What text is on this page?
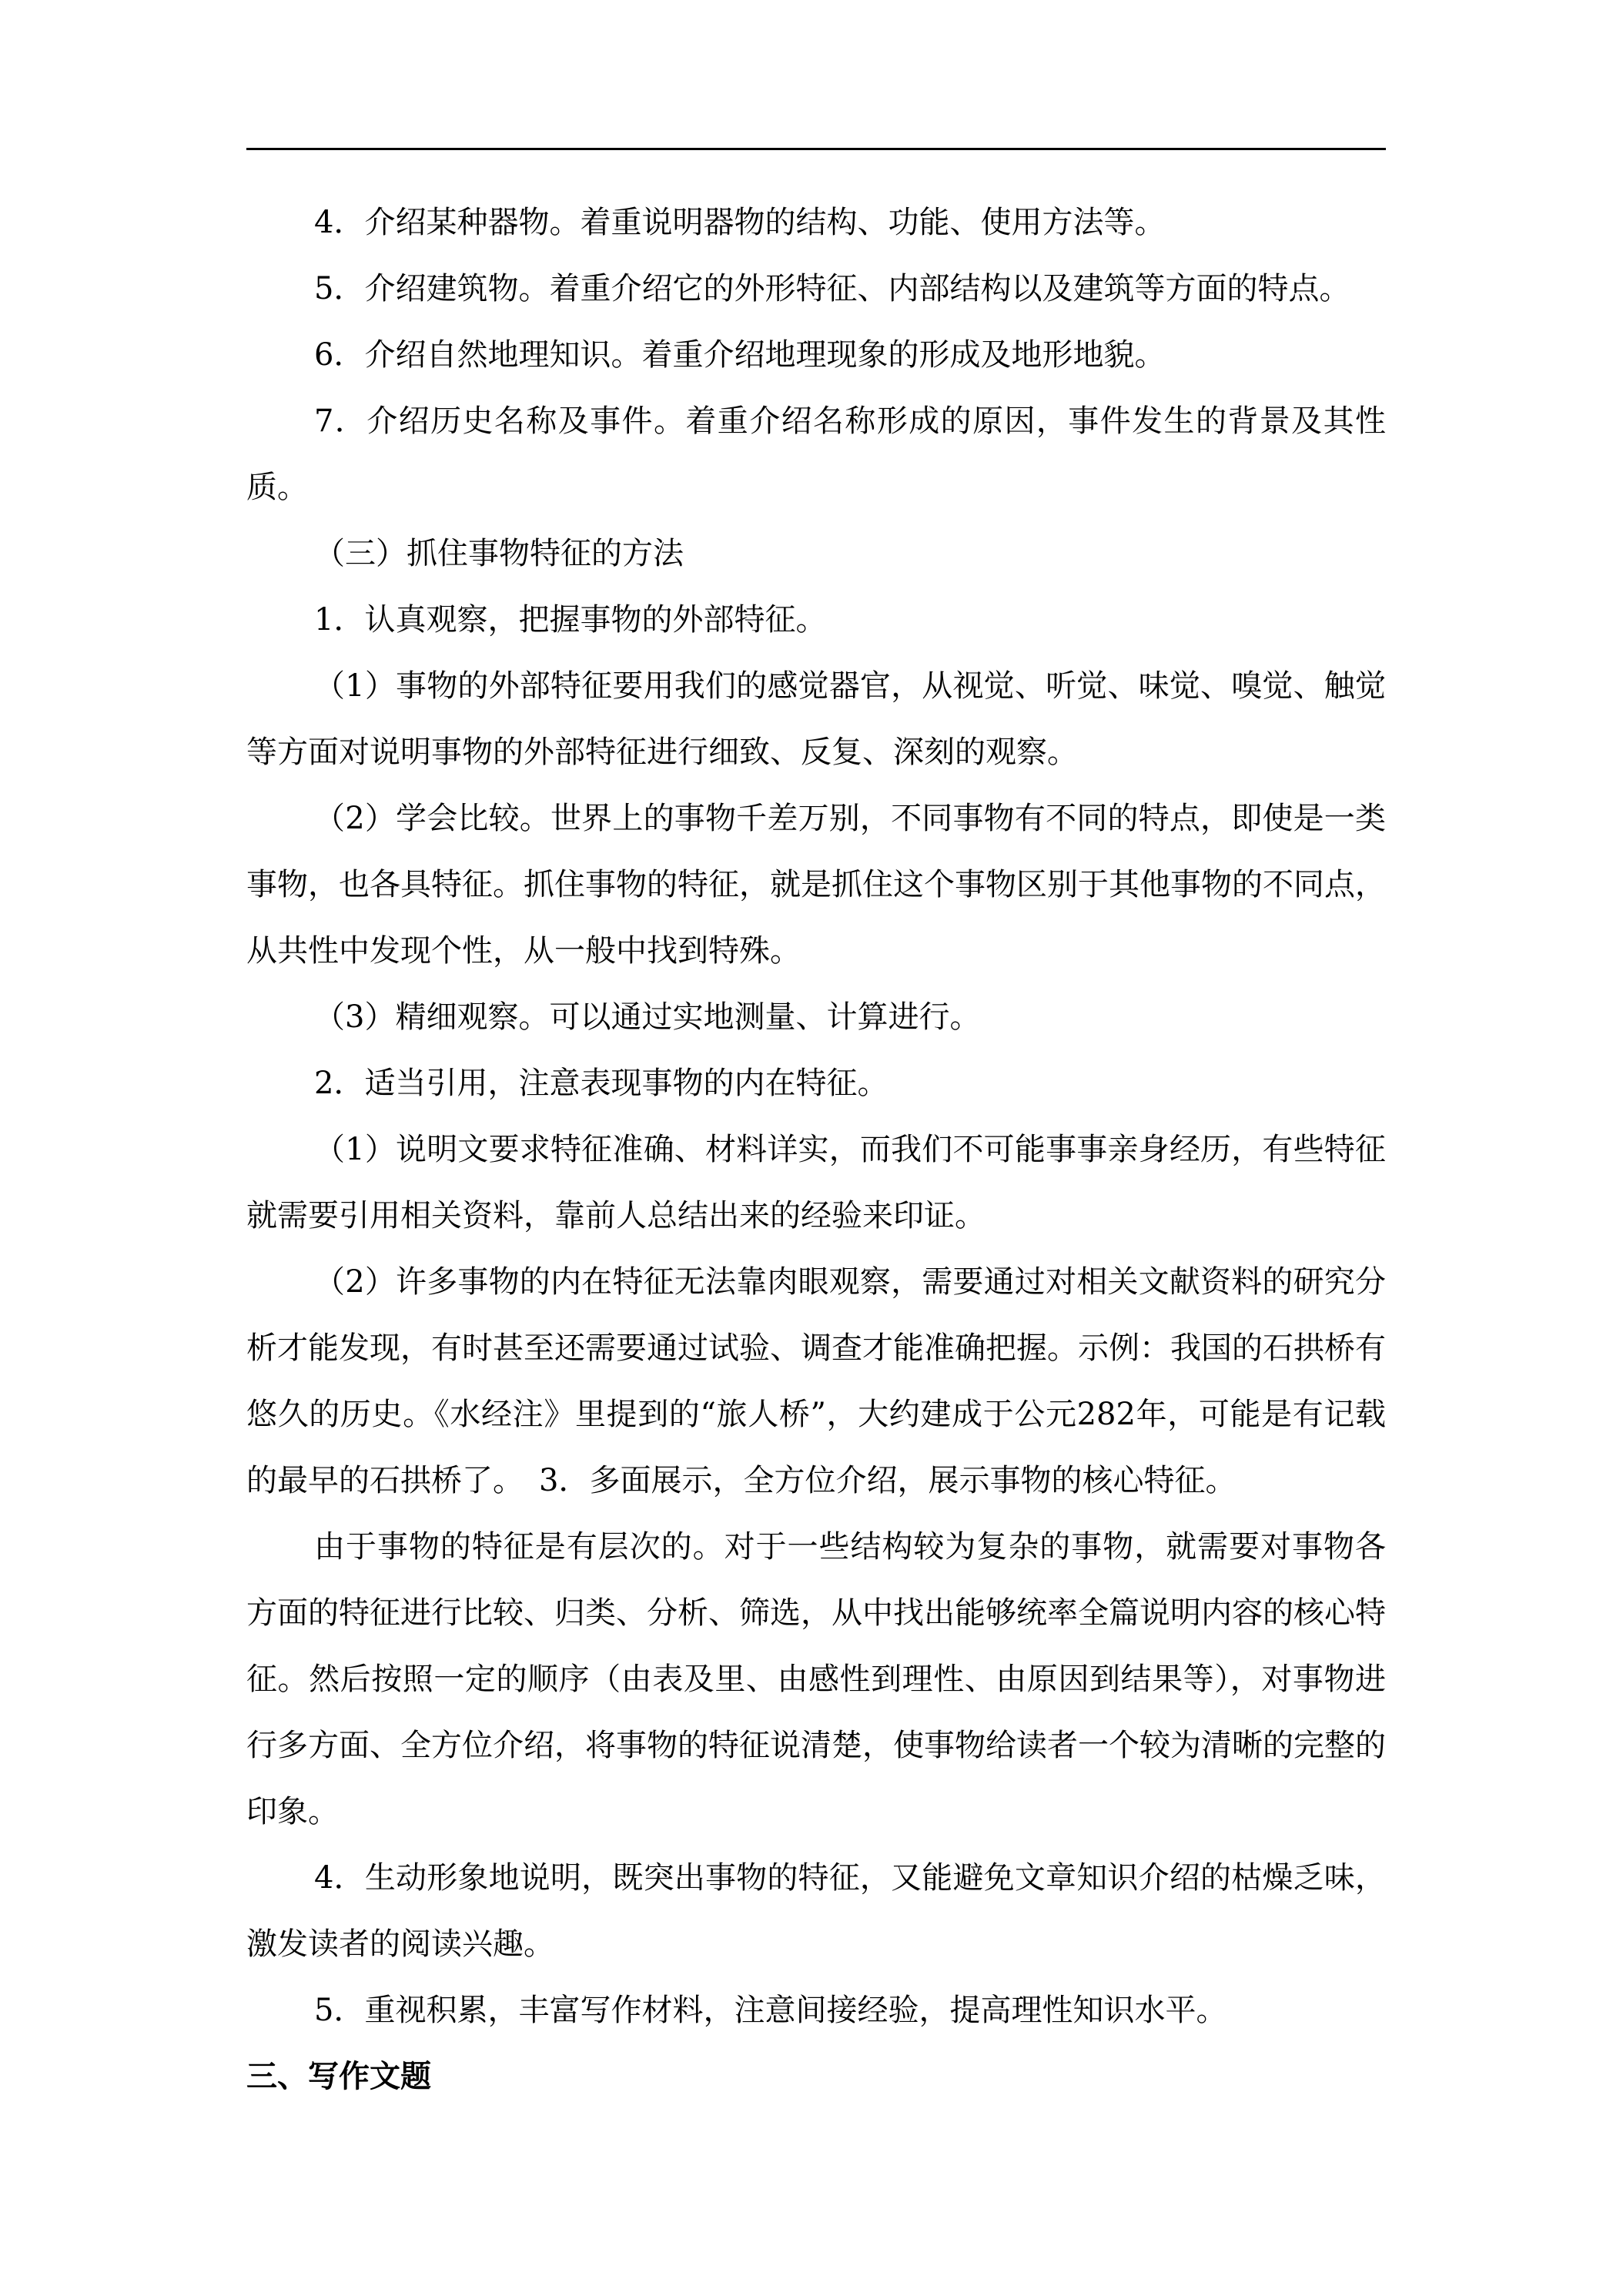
4．介绍某种器物。着重说明器物的结构、功能、使用方法等。

5．介绍建筑物。着重介绍它的外形特征、内部结构以及建筑等方面的特点。

6．介绍自然地理知识。着重介绍地理现象的形成及地形地貌。

7．介绍历史名称及事件。着重介绍名称形成的原因，事件发生的背景及其性质。

（三）抓住事物特征的方法

1．认真观察，把握事物的外部特征。

（1）事物的外部特征要用我们的感觉器官，从视觉、听觉、味觉、嗅觉、触觉等方面对说明事物的外部特征进行细致、反复、深刻的观察。

（2）学会比较。世界上的事物千差万别，不同事物有不同的特点，即使是一类事物，也各具特征。抓住事物的特征，就是抓住这个事物区别于其他事物的不同点，从共性中发现个性，从一般中找到特殊。

（3）精细观察。可以通过实地测量、计算进行。

2．适当引用，注意表现事物的内在特征。

（1）说明文要求特征准确、材料详实，而我们不可能事事亲身经历，有些特征就需要引用相关资料，靠前人总结出来的经验来印证。

（2）许多事物的内在特征无法靠肉眼观察，需要通过对相关文献资料的研究分析才能发现，有时甚至还需要通过试验、调查才能准确把握。示例：我国的石拱桥有悠久的历史。《水经注》里提到的“旅人桥”，大约建成于公元282年，可能是有记载的最早的石拱桥了。　3．多面展示，全方位介绍，展示事物的核心特征。

由于事物的特征是有层次的。对于一些结构较为复杂的事物，就需要对事物各方面的特征进行比较、归类、分析、筛选，从中找出能够统率全篇说明内容的核心特征。然后按照一定的顺序（由表及里、由感性到理性、由原因到结果等），对事物进行多方面、全方位介绍，将事物的特征说清楚，使事物给读者一个较为清晰的完整的印象。

4．生动形象地说明，既突出事物的特征，又能避免文章知识介绍的枯燥乏味，激发读者的阅读兴趣。

5．重视积累，丰富写作材料，注意间接经验，提高理性知识水平。

三、写作文题
